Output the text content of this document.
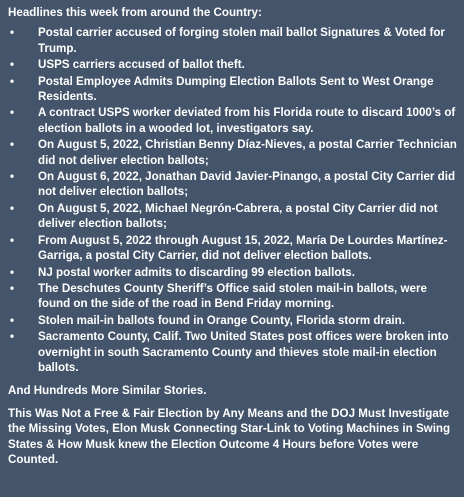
Headlines this week from around the Country:
• Postal carrier accused of forging stolen mail ballot Signatures & Voted for Trump.
• USPS carriers accused of ballot theft.
• Postal Employee Admits Dumping Election Ballots Sent to West Orange Residents.
• A contract USPS worker deviated from his Florida route to discard 1000’s of election ballots in a wooded lot, investigators say.
• On August 5, 2022, Christian Benny Díaz-Nieves, a postal Carrier Technician did not deliver election ballots;
• On August 6, 2022, Jonathan David Javier-Pinango, a postal City Carrier did not deliver election ballots;
• On August 5, 2022, Michael Negrón-Cabrera, a postal City Carrier did not deliver election ballots;
• From August 5, 2022 through August 15, 2022, María De Lourdes Martínez-Garriga, a postal City Carrier, did not deliver election ballots.
• NJ postal worker admits to discarding 99 election ballots.
• The Deschutes County Sheriff’s Office said stolen mail-in ballots, were found on the side of the road in Bend Friday morning.
• Stolen mail-in ballots found in Orange County, Florida storm drain.
• Sacramento County, Calif. Two United States post offices were broken into overnight in south Sacramento County and thieves stole mail-in election ballots.
And Hundreds More Similar Stories.
This Was Not a Free & Fair Election by Any Means and the DOJ Must Investigate the Missing Votes, Elon Musk Connecting Star-Link to Voting Machines in Swing States & How Musk knew the Election Outcome 4 Hours before Votes were Counted.
